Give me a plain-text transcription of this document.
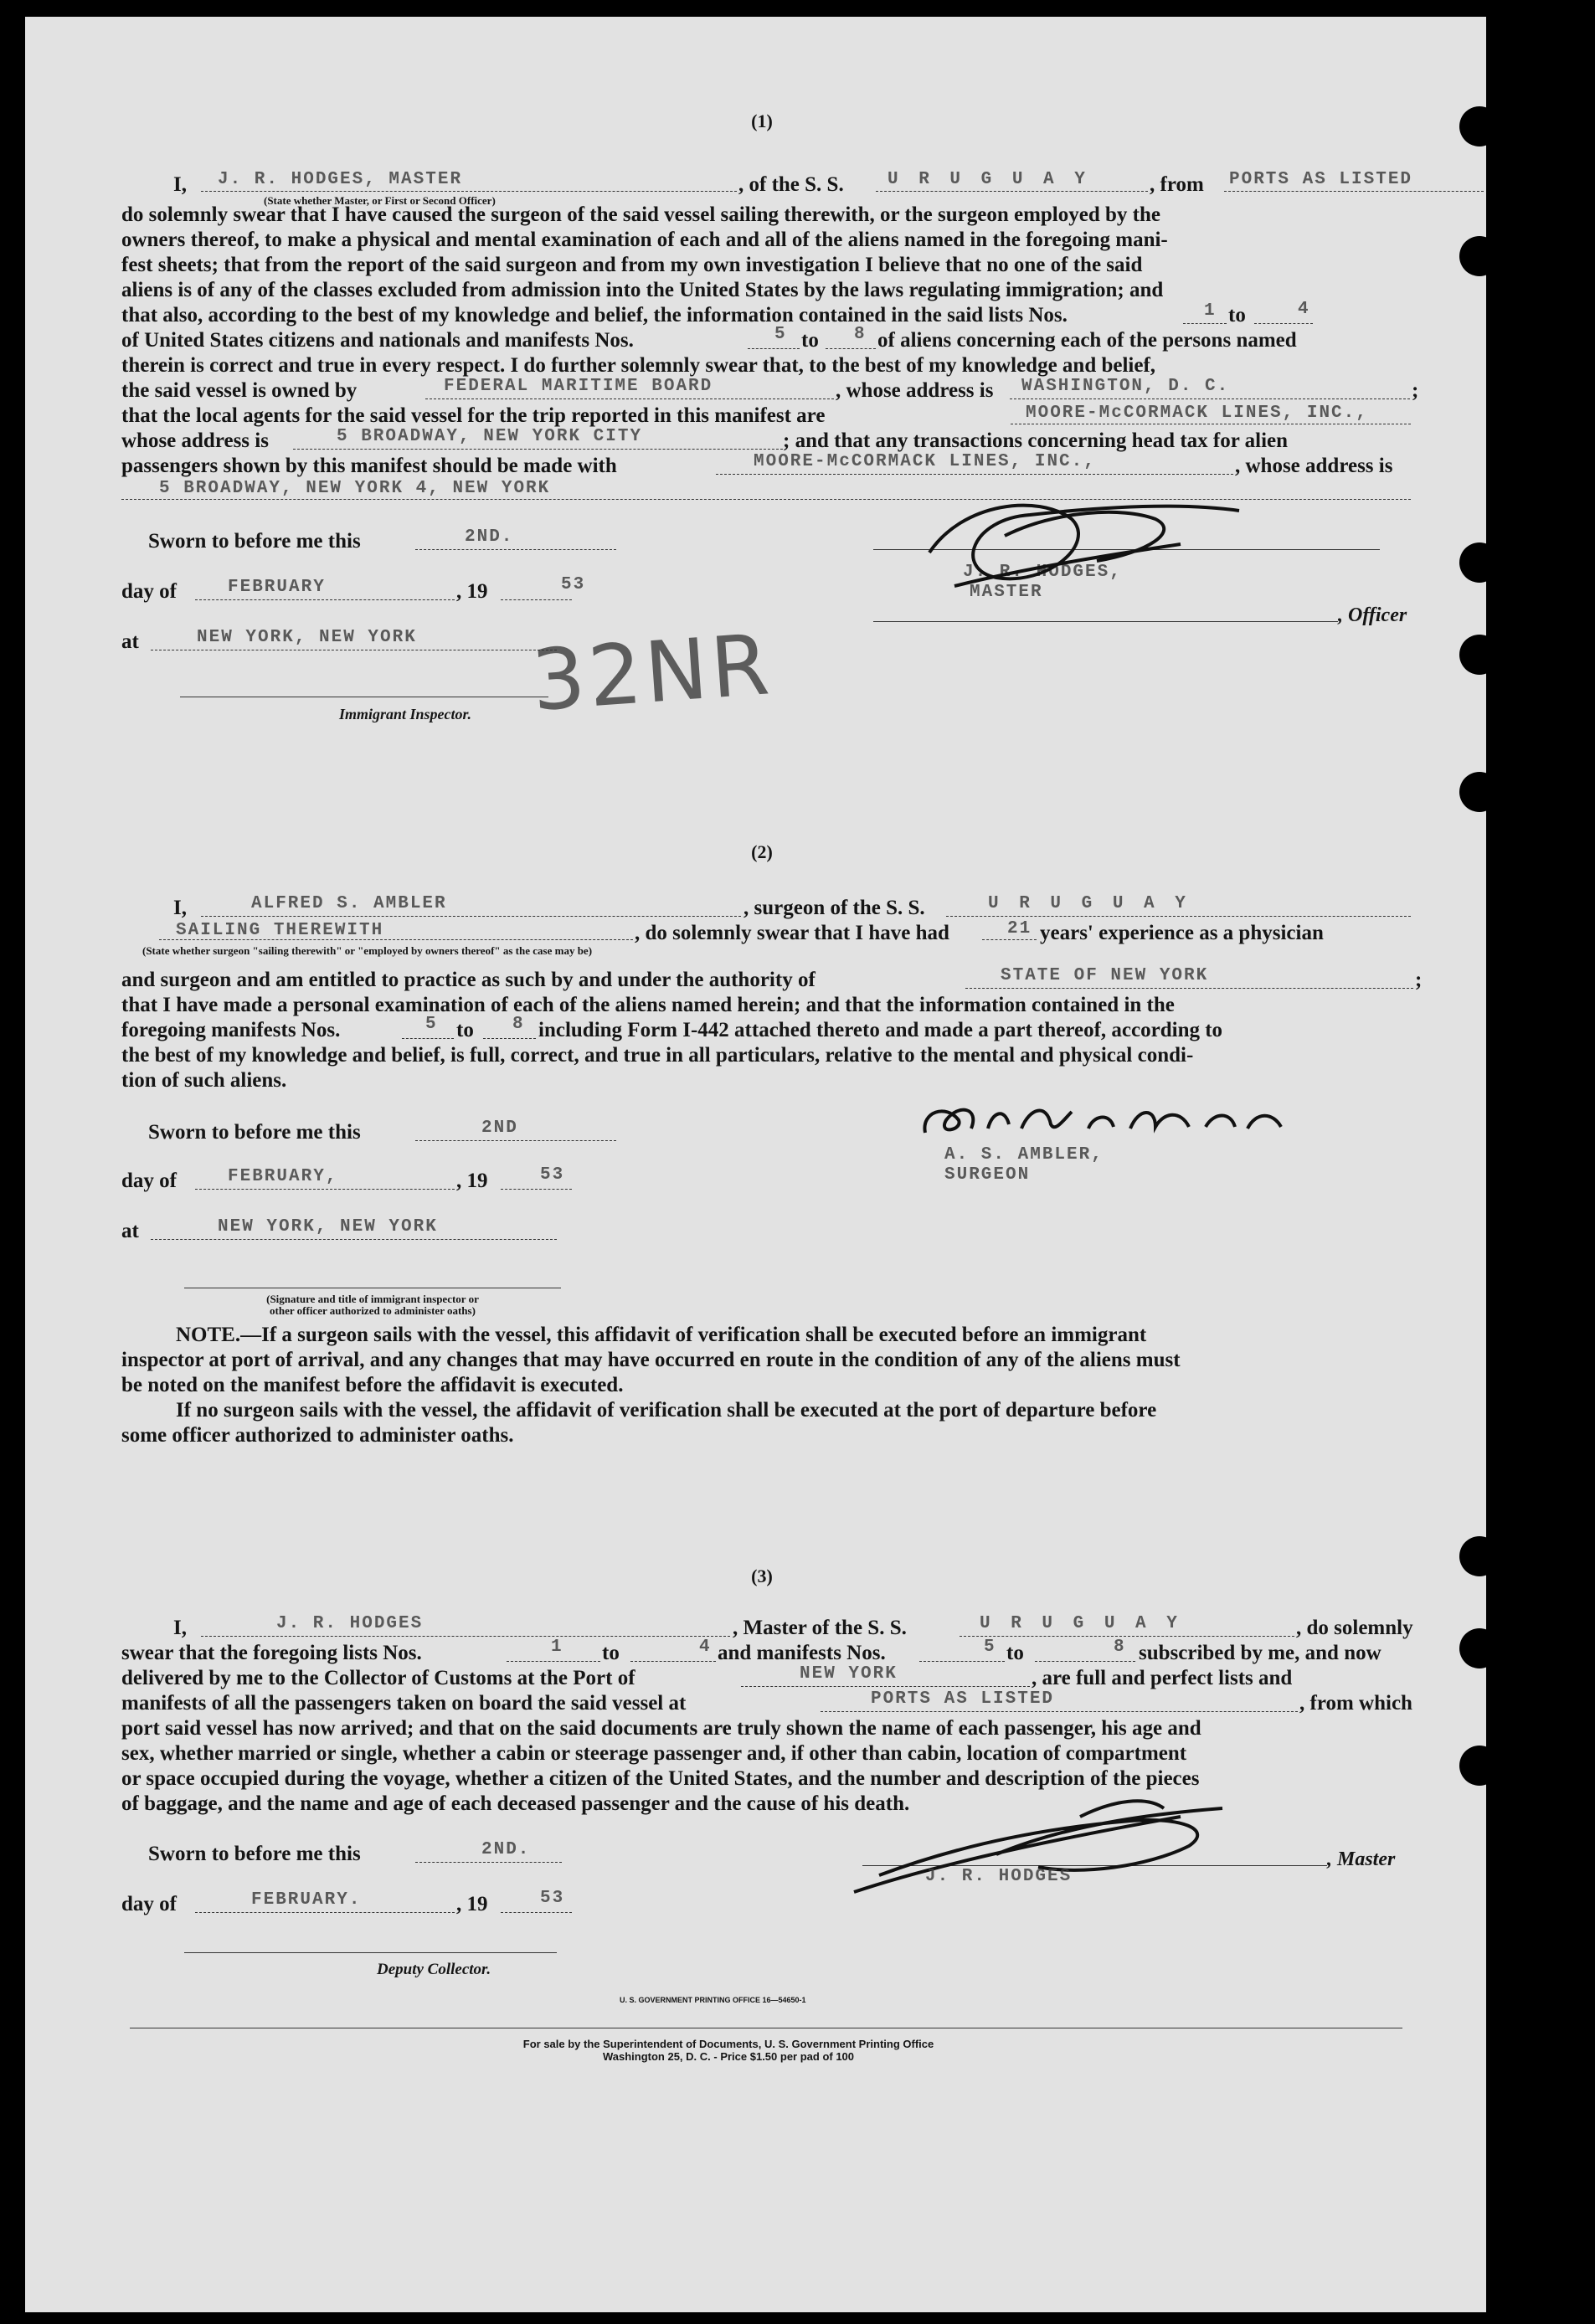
(1)
I, J. R. HODGES, MASTER
(State whether Master, or First or Second Officer)
, of the S. S. U R U G U A Y	, from PORTS AS LISTED
do solemnly swear that I have caused the surgeon of the said vessel sailing therewith, or the surgeon employed by the
owners thereof, to make a physical and mental examination of each and all of the aliens named in the foregoing mani-
fest sheets; that from the report of the said surgeon and from my own investigation I believe that no one of the said
aliens is of any of the classes excluded from admission into the United States by the laws regulating immigration; and
that also, according to the best of my knowledge and belief, the information contained in the said lists Nos.	1 to	4
of United States citizens and nationals and manifests Nos.	5 to 8 of aliens concerning each of the persons named
therein is correct and true in every respect. I do further solemnly swear that, to the best of my knowledge and belief,
the said vessel is owned by	FEDERAL MARITIME BOARD	, whose address is WASHINGTON, D. C.	;
that the local agents for the said vessel for the trip reported in this manifest are	MOORE-McCORMACK LINES, INC.,
whose address is	5 BROADWAY, NEW YORK CITY	; and that any transactions concerning head tax for alien
passengers shown by this manifest should be made with	MOORE-McCORMACK LINES, INC.,	, whose address is
5 BROADWAY, NEW YORK 4, NEW YORK
Sworn to before me this	2ND.
day of	FEBRUARY	, 19	53
J. R. HODGES,
MASTER
, Officer
at	NEW YORK, NEW YORK
Immigrant Inspector. 32NR
(2)
I,	ALFRED S. AMBLER	, surgeon of the S. S.	U R U G U A Y
SAILING THEREWITH	, do solemnly swear that I have had	21 years' experience as a physician
(State whether surgeon "sailing therewith" or "employed by owners thereof" as the case may be)
and surgeon and am entitled to practice as such by and under the authority of	STATE OF NEW YORK	;
that I have made a personal examination of each of the aliens named herein; and that the information contained in the
foregoing manifests Nos.	5 to 8 including Form I-442 attached thereto and made a part thereof, according to
the best of my knowledge and belief, is full, correct, and true in all particulars, relative to the mental and physical condi-
tion of such aliens.
Sworn to before me this	2ND
A. S. AMBLER,
SURGEON
day of	FEBRUARY,	, 19	53
at	NEW YORK, NEW YORK
(Signature and title of immigrant inspector or
other officer authorized to administer oaths)
NOTE.—If a surgeon sails with the vessel, this affidavit of verification shall be executed before an immigrant
inspector at port of arrival, and any changes that may have occurred en route in the condition of any of the aliens must
be noted on the manifest before the affidavit is executed.
If no surgeon sails with the vessel, the affidavit of verification shall be executed at the port of departure before
some officer authorized to administer oaths.
(3)
I,	J. R. HODGES	, Master of the S. S.	U R U G U A Y	, do solemnly
swear that the foregoing lists Nos.	1 to	4 and manifests Nos.	5 to	8 subscribed by me, and now
delivered by me to the Collector of Customs at the Port of	NEW YORK	, are full and perfect lists and
manifests of all the passengers taken on board the said vessel at	PORTS AS LISTED	, from which
port said vessel has now arrived; and that on the said documents are truly shown the name of each passenger, his age and
sex, whether married or single, whether a cabin or steerage passenger and, if other than cabin, location of compartment
or space occupied during the voyage, whether a citizen of the United States, and the number and description of the pieces
of baggage, and the name and age of each deceased passenger and the cause of his death.
Sworn to before me this	2ND.	, Master
J. R. HODGES
day of	FEBRUARY.	, 19	53
Deputy Collector.
U. S. GOVERNMENT PRINTING OFFICE 16—54650-1
For sale by the Superintendent of Documents, U. S. Government Printing Office
Washington 25, D. C. - Price $1.50 per pad of 100
